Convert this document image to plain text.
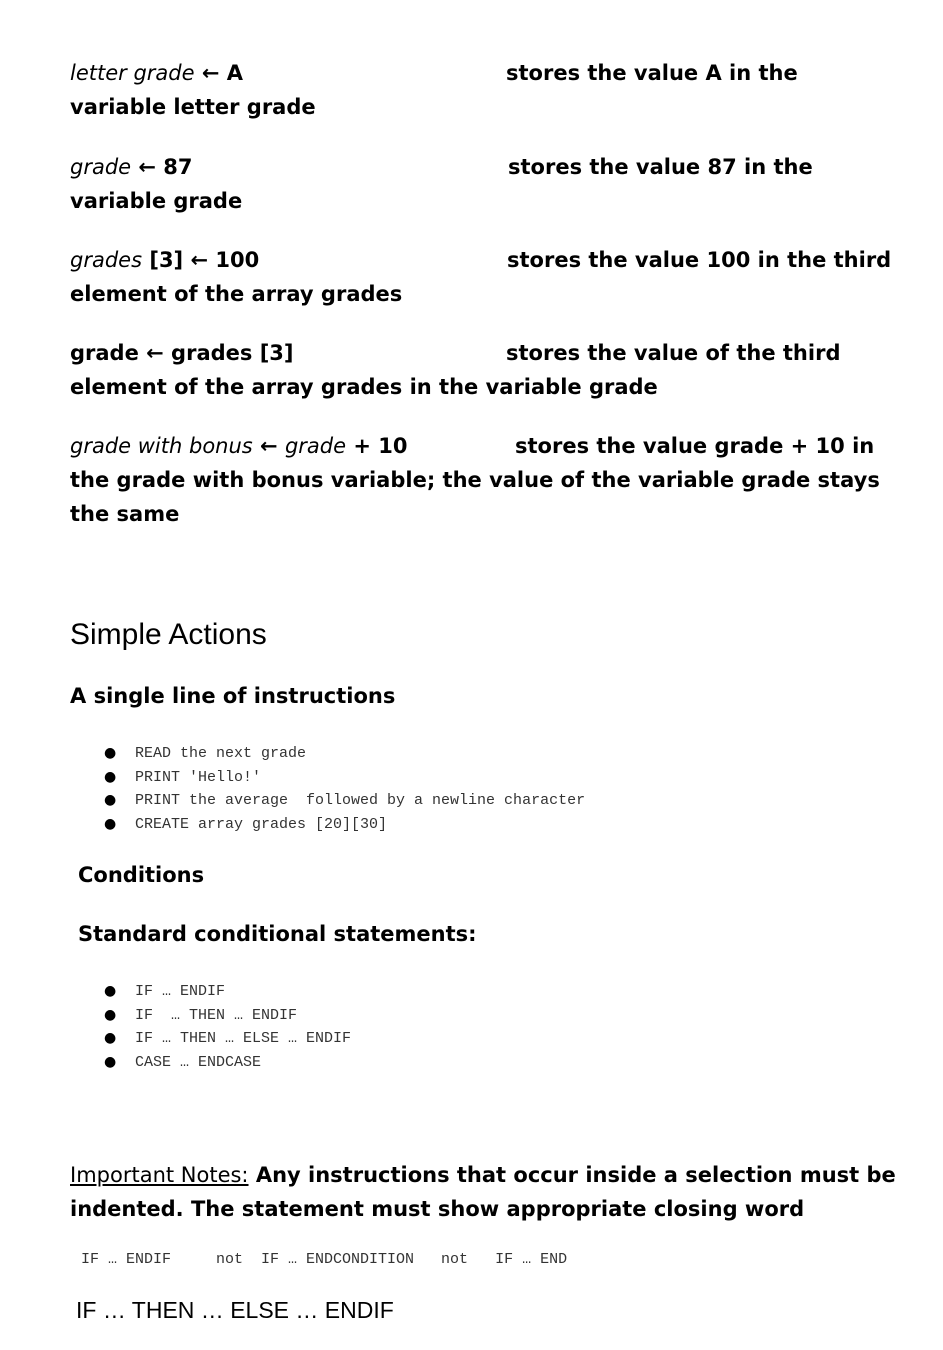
letter grade ← A	stores the value A in the
variable letter grade
grade ← 87	stores the value 87 in the
variable grade
grades [3] ← 100	stores the value 100 in the third
element of the array grades
grade ← grades [3]	stores the value of the third
element of the array grades in the variable grade
grade with bonus ← grade + 10	stores the value grade + 10 in
the grade with bonus variable; the value of the variable grade stays
the same
Simple Actions
A single line of instructions
● READ the next grade
● PRINT 'Hello!'
● PRINT the average  followed by a newline character
● CREATE array grades [20][30]
Conditions
Standard conditional statements:
● IF … ENDIF
● IF  … THEN … ENDIF
● IF … THEN … ELSE … ENDIF
● CASE … ENDCASE
Important Notes: Any instructions that occur inside a selection must be indented. The statement must show appropriate closing word
IF … ENDIF     not  IF … ENDCONDITION   not   IF … END
IF … THEN … ELSE … ENDIF
